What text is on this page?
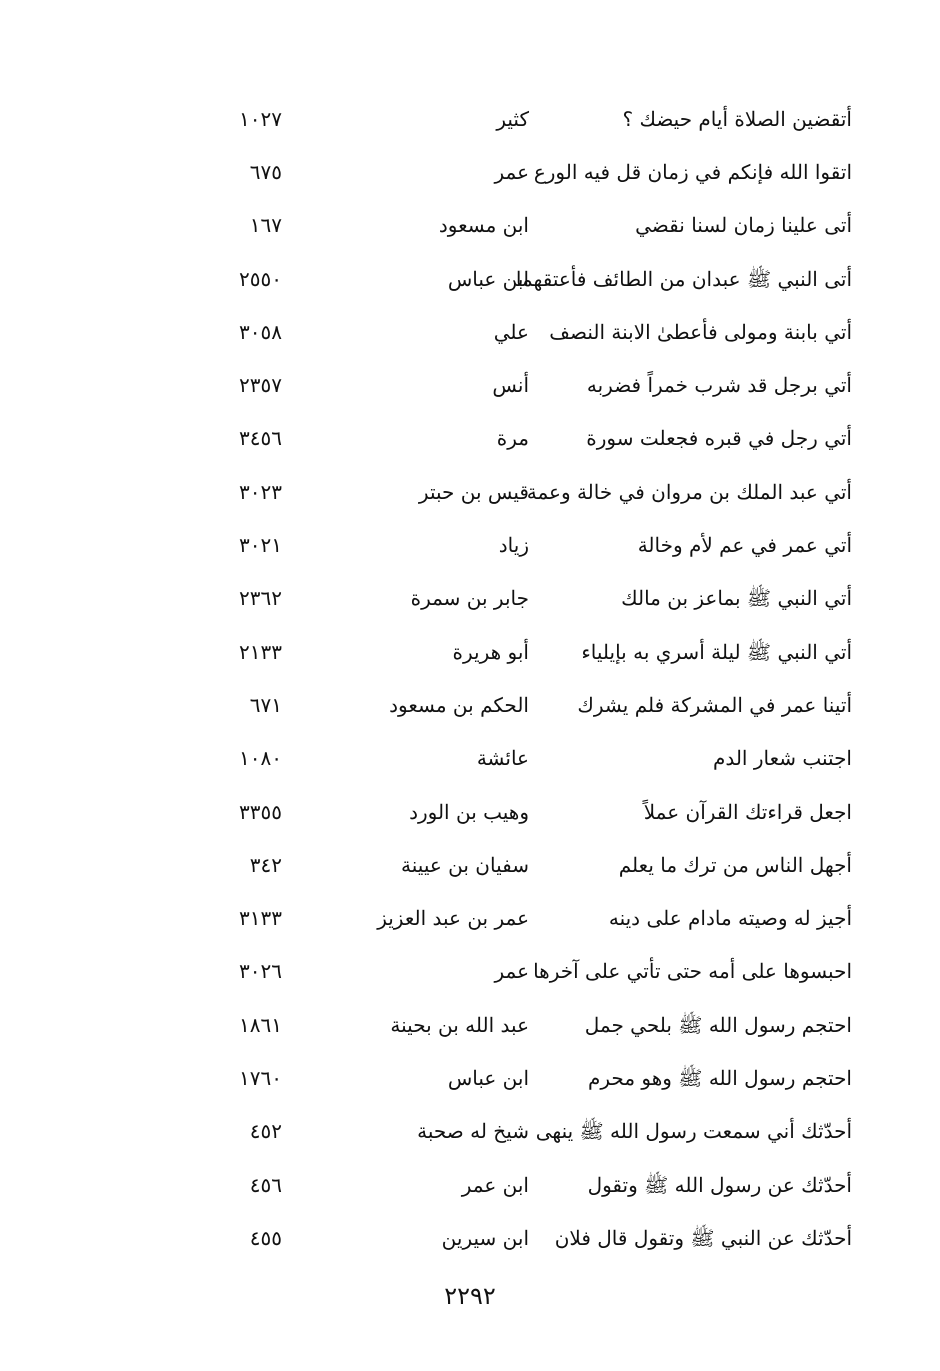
أتقضين الصلاة أيام حيضك ؟
كثير
١٠٢٧
اتقوا الله فإنكم في زمان قل فيه الورع
عمر
٦٧٥
أتى علينا زمان لسنا نقضي
ابن مسعود
١٦٧
أتى النبي ﷺ عبدان من الطائف فأعتقهما
ابن عباس
٢٥٥٠
أتي بابنة ومولى فأعطىٰ الابنة النصف
علي
٣٠٥٨
أتي برجل قد شرب خمراً فضربه
أنس
٢٣٥٧
أتي رجل في قبره فجعلت سورة
مرة
٣٤٥٦
أتي عبد الملك بن مروان في خالة وعمة
قيس بن حبتر
٣٠٢٣
أتي عمر في عم لأم وخالة
زياد
٣٠٢١
أتي النبي ﷺ بماعز بن مالك
جابر بن سمرة
٢٣٦٢
أتي النبي ﷺ ليلة أسري به بإيلياء
أبو هريرة
٢١٣٣
أتينا عمر في المشركة فلم يشرك
الحكم بن مسعود
٦٧١
اجتنب شعار الدم
عائشة
١٠٨٠
اجعل قراءتك القرآن عملاً
وهيب بن الورد
٣٣٥٥
أجهل الناس من ترك ما يعلم
سفيان بن عيينة
٣٤٢
أجيز له وصيته مادام على دينه
عمر بن عبد العزيز
٣١٣٣
احبسوها على أمه حتى تأتي على آخرها
عمر
٣٠٢٦
احتجم رسول الله ﷺ بلحي جمل
عبد الله بن بحينة
١٨٦١
احتجم رسول الله ﷺ وهو محرم
ابن عباس
١٧٦٠
أحدّثك أني سمعت رسول الله ﷺ ينهى
شيخ له صحبة
٤٥٢
أحدّثك عن رسول الله ﷺ وتقول
ابن عمر
٤٥٦
أحدّثك عن النبي ﷺ وتقول قال فلان
ابن سيرين
٤٥٥
٢٢٩٢
